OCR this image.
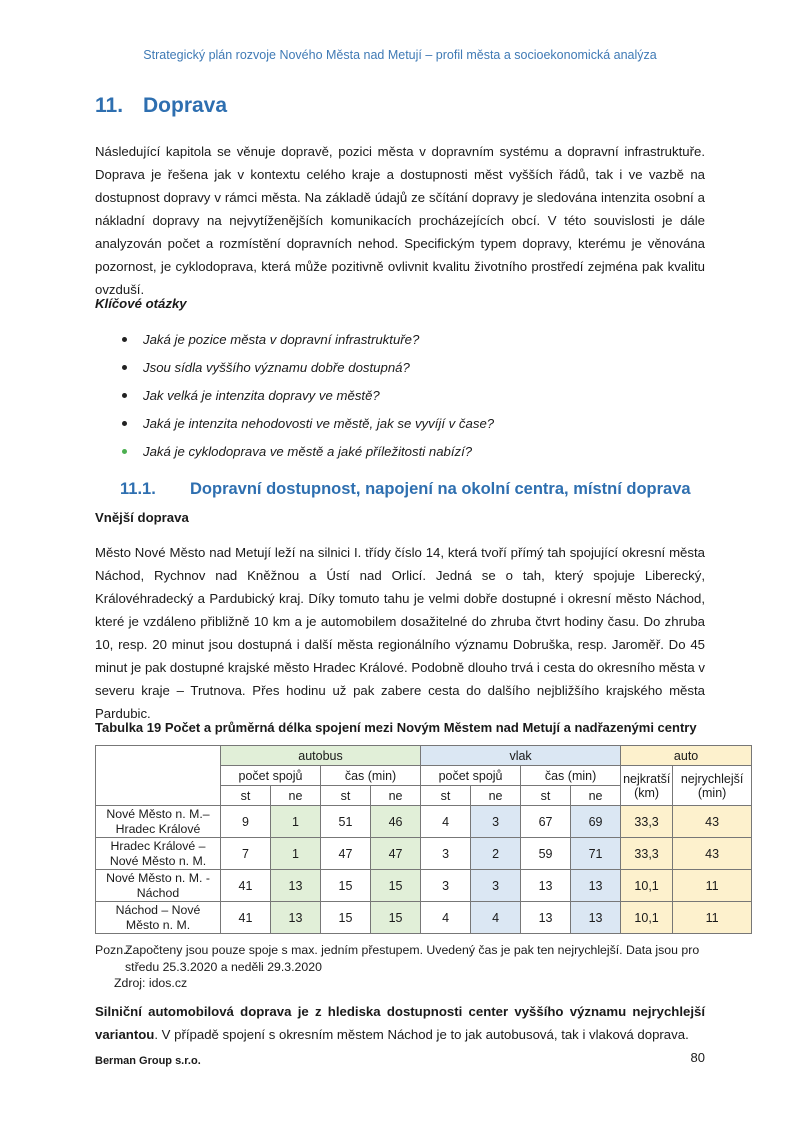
Strategický plán rozvoje Nového Města nad Metují – profil města a socioekonomická analýza
11. Doprava

Následující kapitola se věnuje dopravě, pozici města v dopravním systému a dopravní infrastruktuře. Doprava je řešena jak v kontextu celého kraje a dostupnosti měst vyšších řádů, tak i ve vazbě na dostupnost dopravy v rámci města. Na základě údajů ze sčítání dopravy je sledována intenzita osobní a nákladní dopravy na nejvytíženějších komunikacích procházejících obcí. V této souvislosti je dále analyzován počet a rozmístění dopravních nehod. Specifickým typem dopravy, kterému je věnována pozornost, je cyklodoprava, která může pozitivně ovlivnit kvalitu životního prostředí zejména pak kvalitu ovzduší.

Klíčové otázky
Jaká je pozice města v dopravní infrastruktuře?
Jsou sídla vyššího významu dobře dostupná?
Jak velká je intenzita dopravy ve městě?
Jaká je intenzita nehodovosti ve městě, jak se vyvíjí v čase?
Jaká je cyklodoprava ve městě a jaké příležitosti nabízí?
11.1. Dopravní dostupnost, napojení na okolní centra, místní doprava
Vnější doprava

Město Nové Město nad Metují leží na silnici I. třídy číslo 14, která tvoří přímý tah spojující okresní města Náchod, Rychnov nad Kněžnou a Ústí nad Orlicí. Jedná se o tah, který spojuje Liberecký, Královéhradecký a Pardubický kraj. Díky tomuto tahu je velmi dobře dostupné i okresní město Náchod, které je vzdáleno přibližně 10 km a je automobilem dosažitelné do zhruba čtvrt hodiny času. Do zhruba 10, resp. 20 minut jsou dostupná i další města regionálního významu Dobruška, resp. Jaroměř. Do 45 minut je pak dostupné krajské město Hradec Králové. Podobně dlouho trvá i cesta do okresního města v severu kraje – Trutnova. Přes hodinu už pak zabere cesta do dalšího nejbližšího krajského města Pardubic.

Tabulka 19 Počet a průměrná délka spojení mezi Novým Městem nad Metují a nadřazenými centry
	autobus				vlak				auto	
	počet spojů		čas (min)		počet spojů		čas (min)		nejkratší (km)	nejrychlejší (min)
	st	ne	st	ne	st	ne	st	ne		
Nové Město n. M.– Hradec Králové	9	1	51	46	4	3	67	69	33,3	43
Hradec Králové – Nové Město n. M.	7	1	47	47	3	2	59	71	33,3	43
Nové Město n. M. - Náchod	41	13	15	15	3	3	13	13	10,1	11
Náchod – Nové Město n. M.	41	13	15	15	4	4	13	13	10,1	11
Pozn.:
Započteny jsou pouze spoje s max. jedním přestupem. Uvedený čas je pak ten nejrychlejší. Data jsou pro středu 25.3.2020 a neděli 29.3.2020
Zdroj: idos.cz

Silniční automobilová doprava je z hlediska dostupnosti center vyššího významu nejrychlejší variantou. V případě spojení s okresním městem Náchod je to jak autobusová, tak i vlaková doprava.

Berman Group s.r.o.	80
